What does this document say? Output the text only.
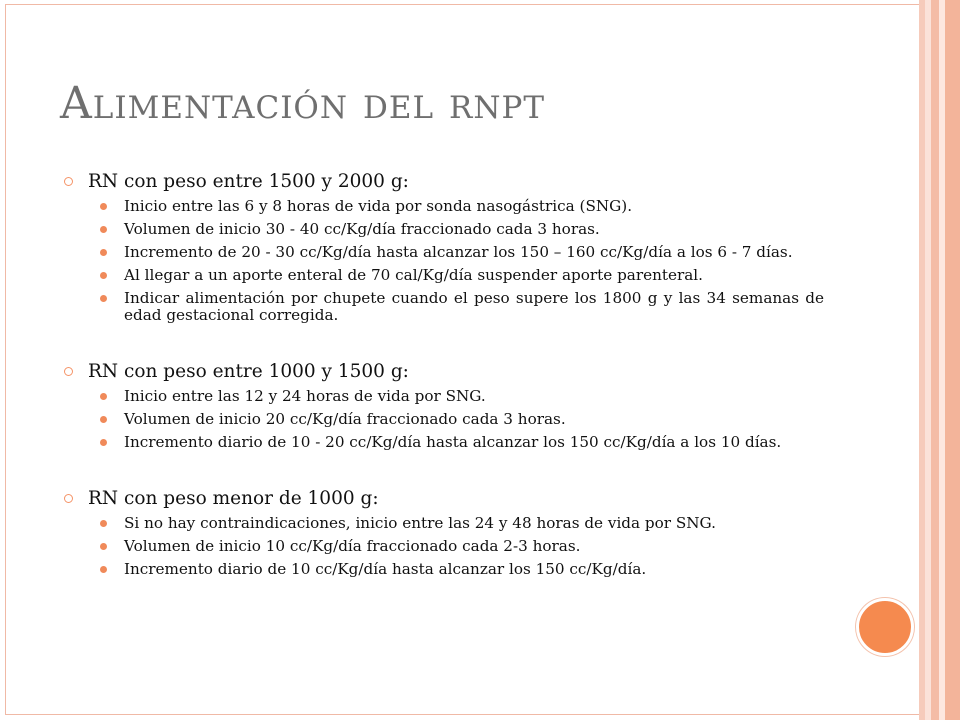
Alimentación del rnpt
RN con peso entre 1500 y 2000 g:
Inicio entre las 6 y 8 horas de vida por sonda nasogástrica (SNG).
Volumen de inicio 30 - 40 cc/Kg/día fraccionado cada 3 horas.
Incremento de 20 - 30 cc/Kg/día hasta alcanzar los 150 – 160 cc/Kg/día a los 6 - 7 días.
Al llegar a un aporte enteral de 70 cal/Kg/día suspender aporte parenteral.
Indicar alimentación por chupete cuando el peso supere los 1800 g y las 34 semanas de edad gestacional corregida.
RN con peso entre 1000 y 1500 g:
Inicio entre las 12 y 24 horas de vida por SNG.
Volumen de inicio 20 cc/Kg/día fraccionado cada 3 horas.
Incremento diario de 10 - 20 cc/Kg/día hasta alcanzar los 150 cc/Kg/día a los 10 días.
RN con peso menor de 1000 g:
Si no hay contraindicaciones, inicio entre las 24 y 48 horas de vida por SNG.
Volumen de inicio 10 cc/Kg/día fraccionado cada 2-3 horas.
Incremento diario de 10 cc/Kg/día hasta alcanzar los 150 cc/Kg/día.
